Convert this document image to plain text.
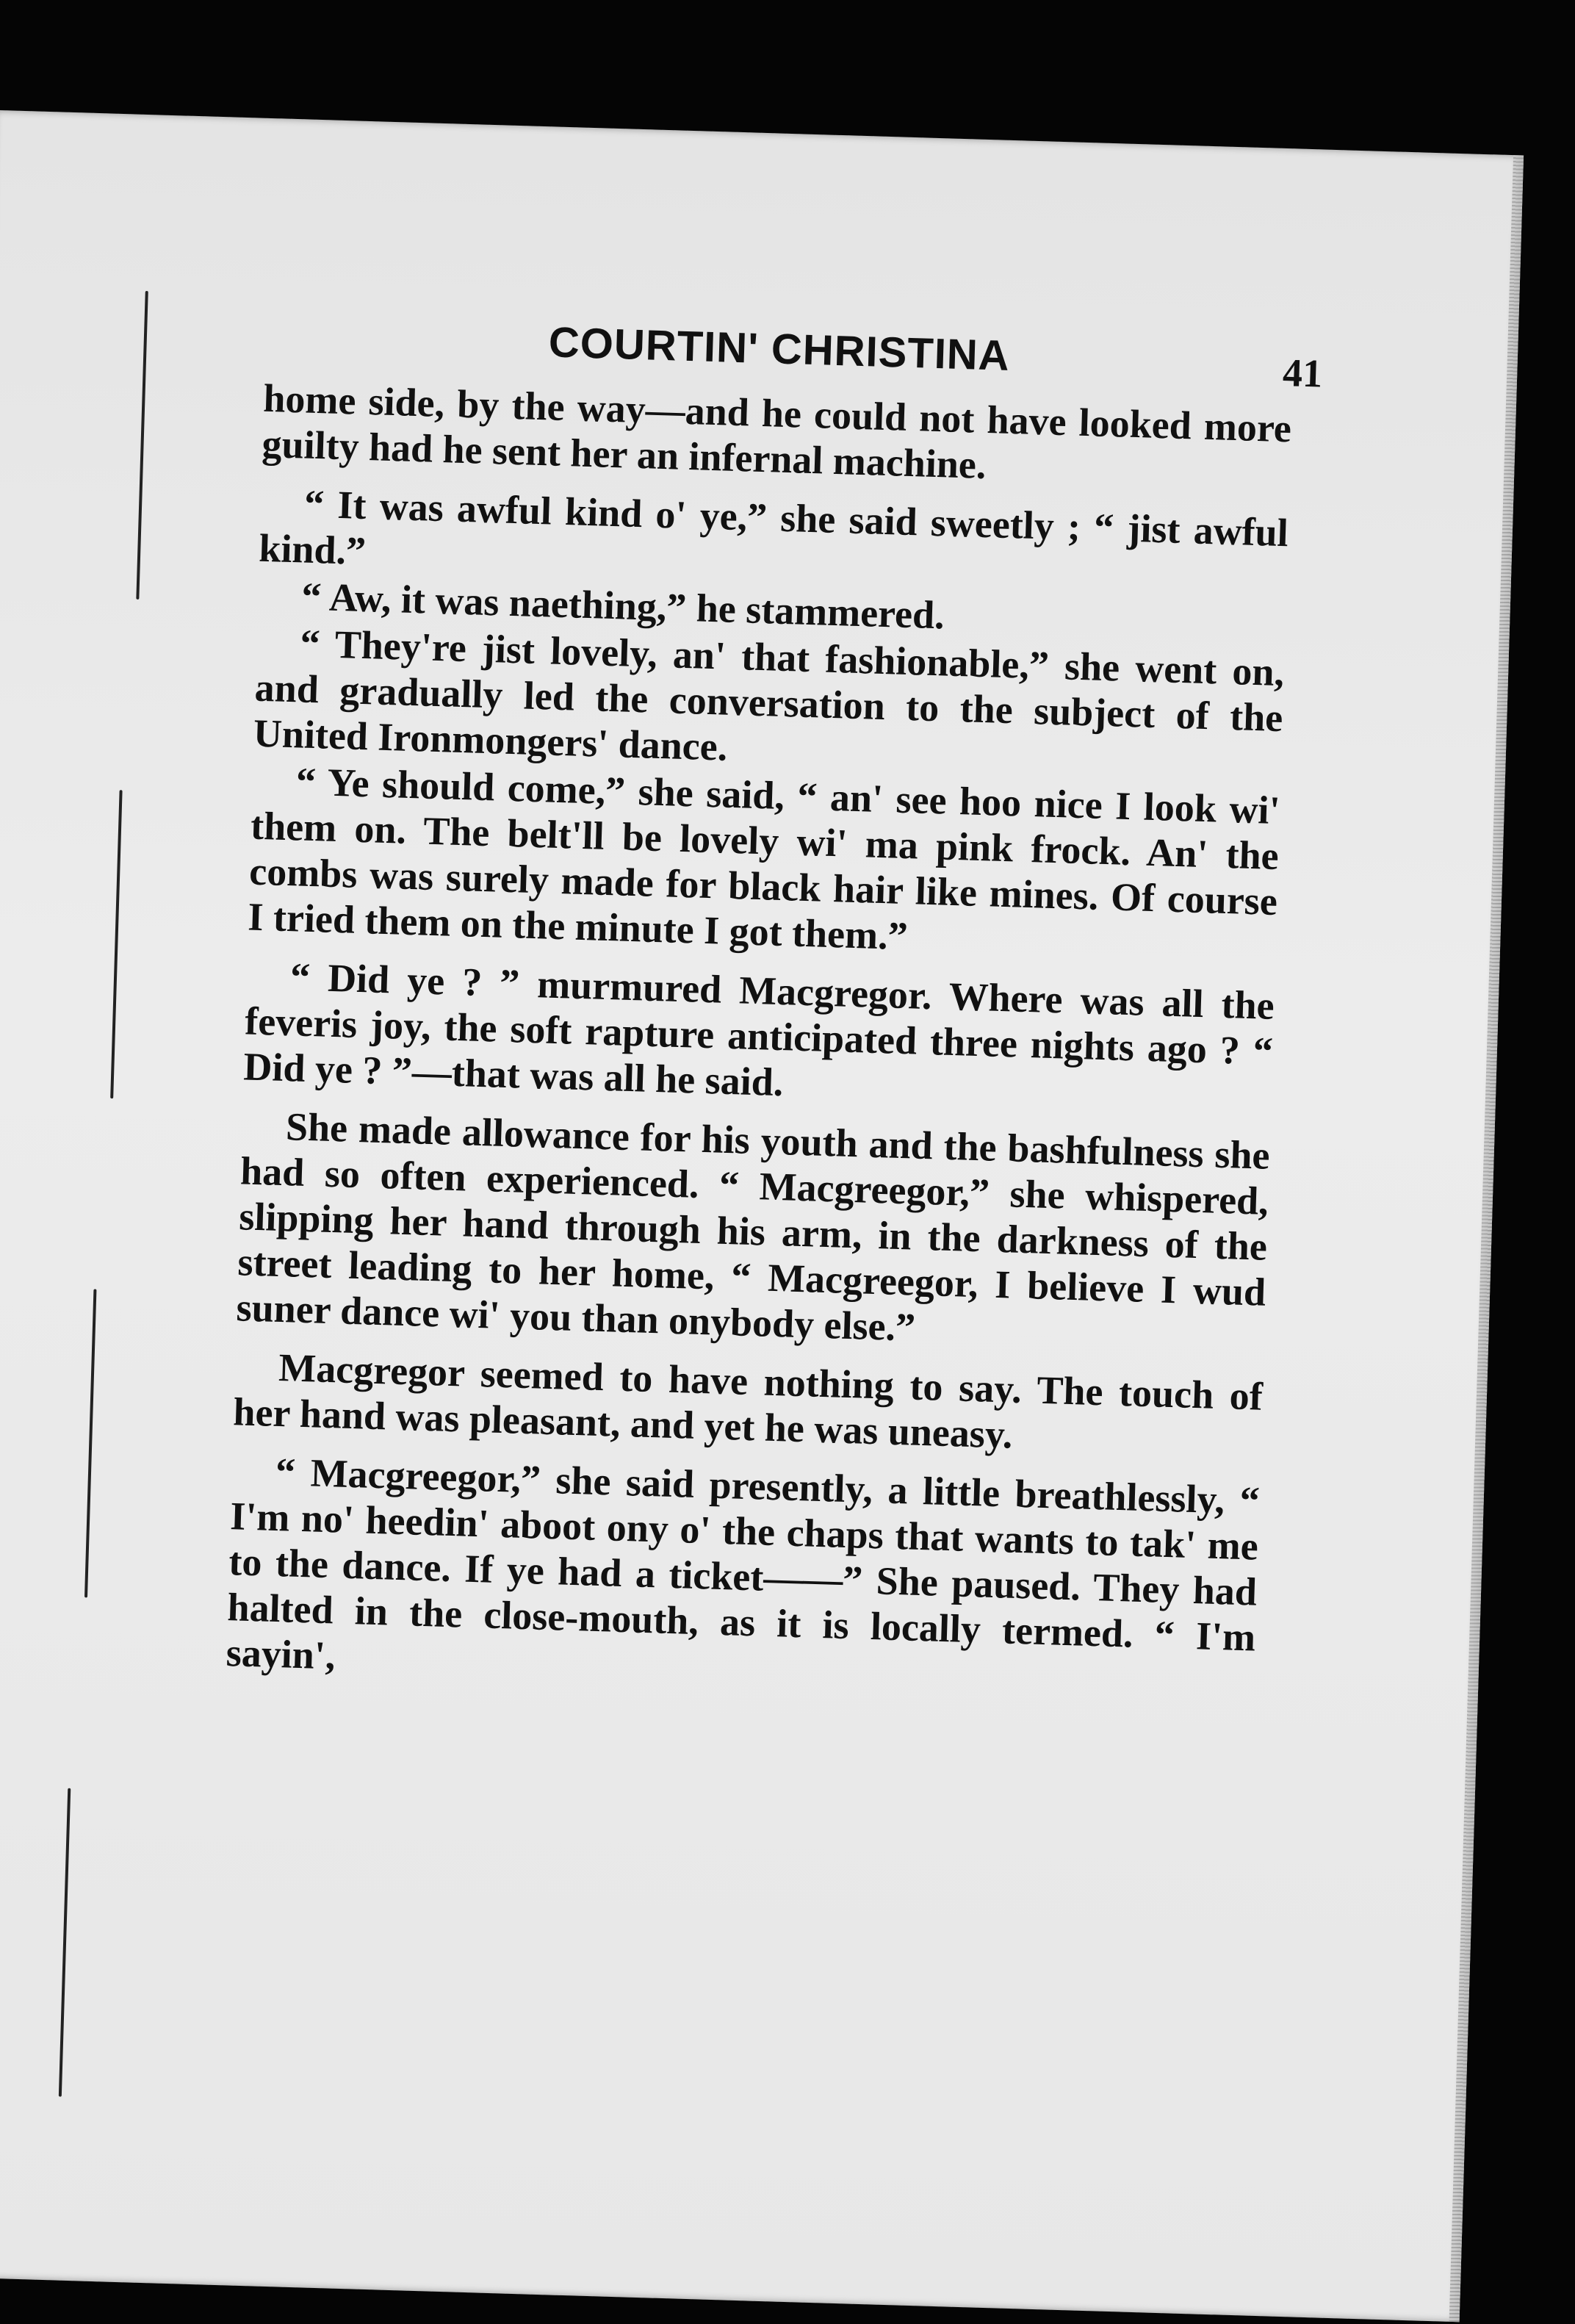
COURTIN' CHRISTINA	41

home side, by the way—and he could not have looked more guilty had he sent her an infernal machine.

“ It was awful kind o' ye,” she said sweetly ; “ jist awful kind.”

“ Aw, it was naething,” he stammered.

“ They're jist lovely, an' that fashionable,” she went on, and gradually led the conversation to the subject of the United Ironmongers' dance.

“ Ye should come,” she said, “ an' see hoo nice I look wi' them on. The belt'll be lovely wi' ma pink frock. An' the combs was surely made for black hair like mines. Of course I tried them on the minute I got them.”

“ Did ye ? ” murmured Macgregor. Where was all the feveris joy, the soft rapture anticipated three nights ago ? “ Did ye ? ”—that was all he said.

She made allowance for his youth and the bashfulness she had so often experienced. “ Macgreegor,” she whispered, slipping her hand through his arm, in the darkness of the street leading to her home, “ Macgreegor, I believe I wud suner dance wi' you than onybody else.”

Macgregor seemed to have nothing to say. The touch of her hand was pleasant, and yet he was uneasy.

“ Macgreegor,” she said presently, a little breathlessly, “ I'm no' heedin' aboot ony o' the chaps that wants to tak' me to the dance. If ye had a ticket——” She paused. They had halted in the close-mouth, as it is locally termed. “ I'm sayin',
